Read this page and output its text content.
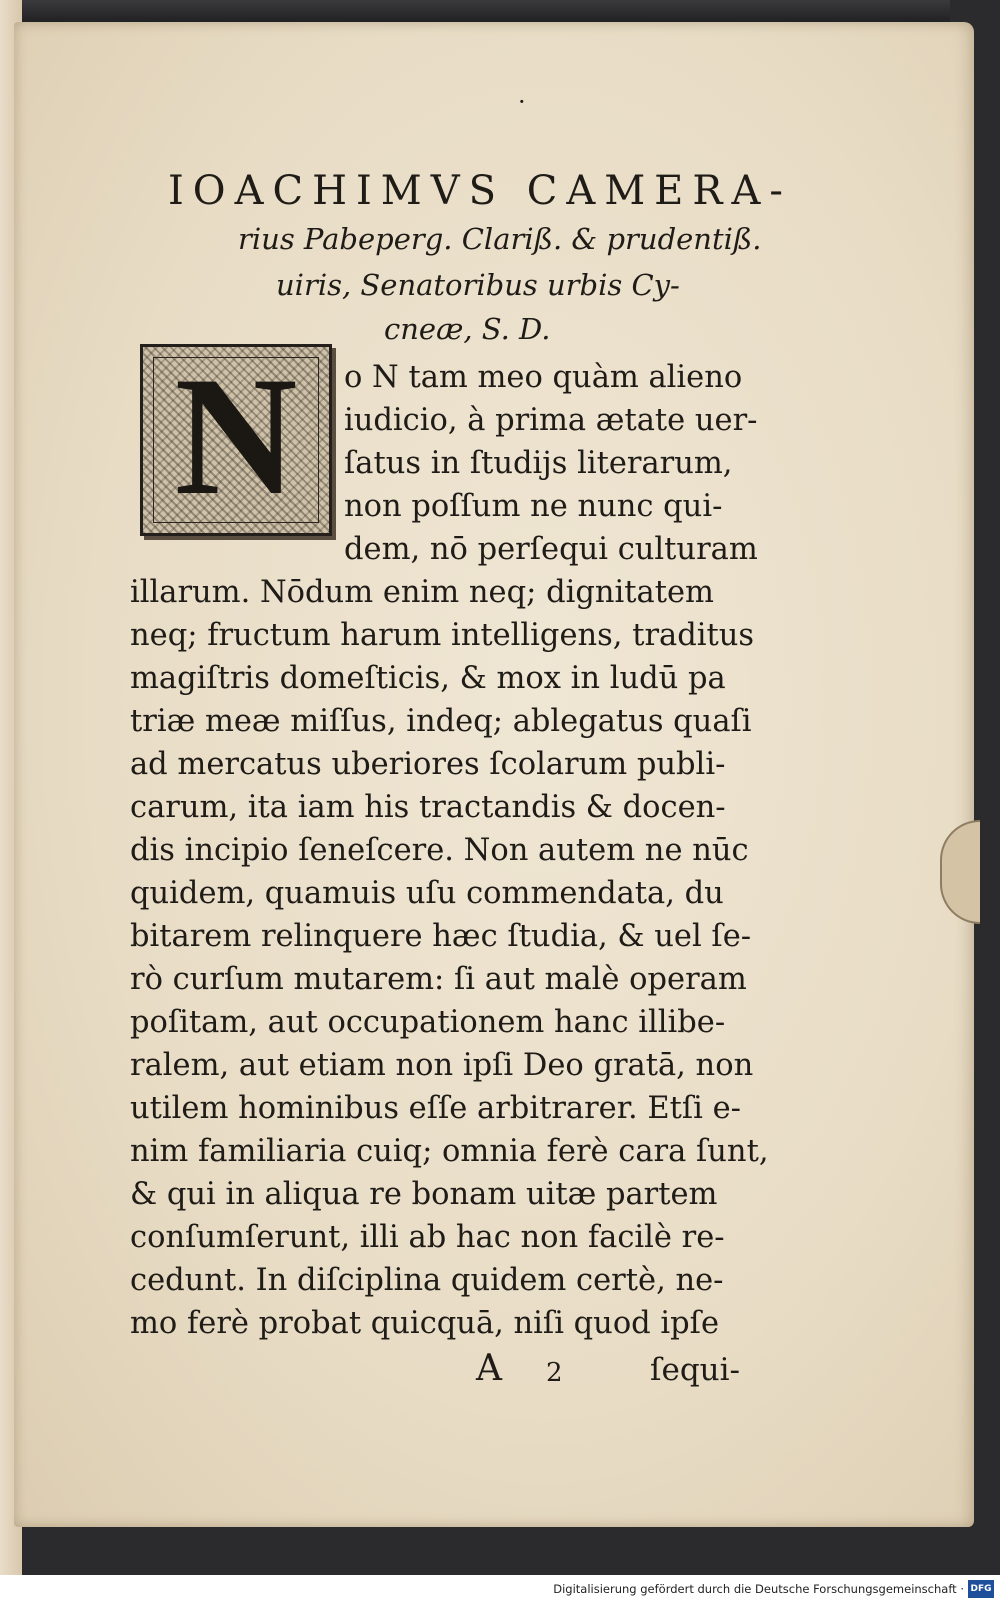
·
IOACHIMVS CAMERA-
rius Pabeperg. Clariß. & prudentiß.
uiris, Senatoribus urbis Cy-
cneæ, S. D.
N	o N tam meo quàm alieno
iudicio, à prima ætate uer-
ſatus in ſtudijs literarum,
non poſſum ne nunc qui-
dem, nō perſequi culturam
illarum. Nōdum enim neq; dignitatem
neq; fructum harum intelligens, traditus
magiſtris domeſticis, & mox in ludū pa
triæ meæ miſſus, indeq; ablegatus quaſi
ad mercatus uberiores ſcolarum publi-
carum, ita iam his tractandis & docen-
dis incipio ſeneſcere. Non autem ne nūc
quidem, quamuis uſu commendata, du
bitarem relinquere hæc ſtudia, & uel ſe-
rò curſum mutarem: ſi aut malè operam
poſitam, aut occupationem hanc illibe-
ralem, aut etiam non ipſi Deo gratā, non
utilem hominibus eſſe arbitrarer. Etſi e-
nim familiaria cuiq; omnia ferè cara ſunt,
& qui in aliqua re bonam uitæ partem
conſumſerunt, illi ab hac non facilè re-
cedunt. In diſciplina quidem certè, ne-
mo ferè probat quicquā, niſi quod ipſe
A 2	ſequi-
Digitalisierung gefördert durch die Deutsche Forschungsgemeinschaft · DFG
